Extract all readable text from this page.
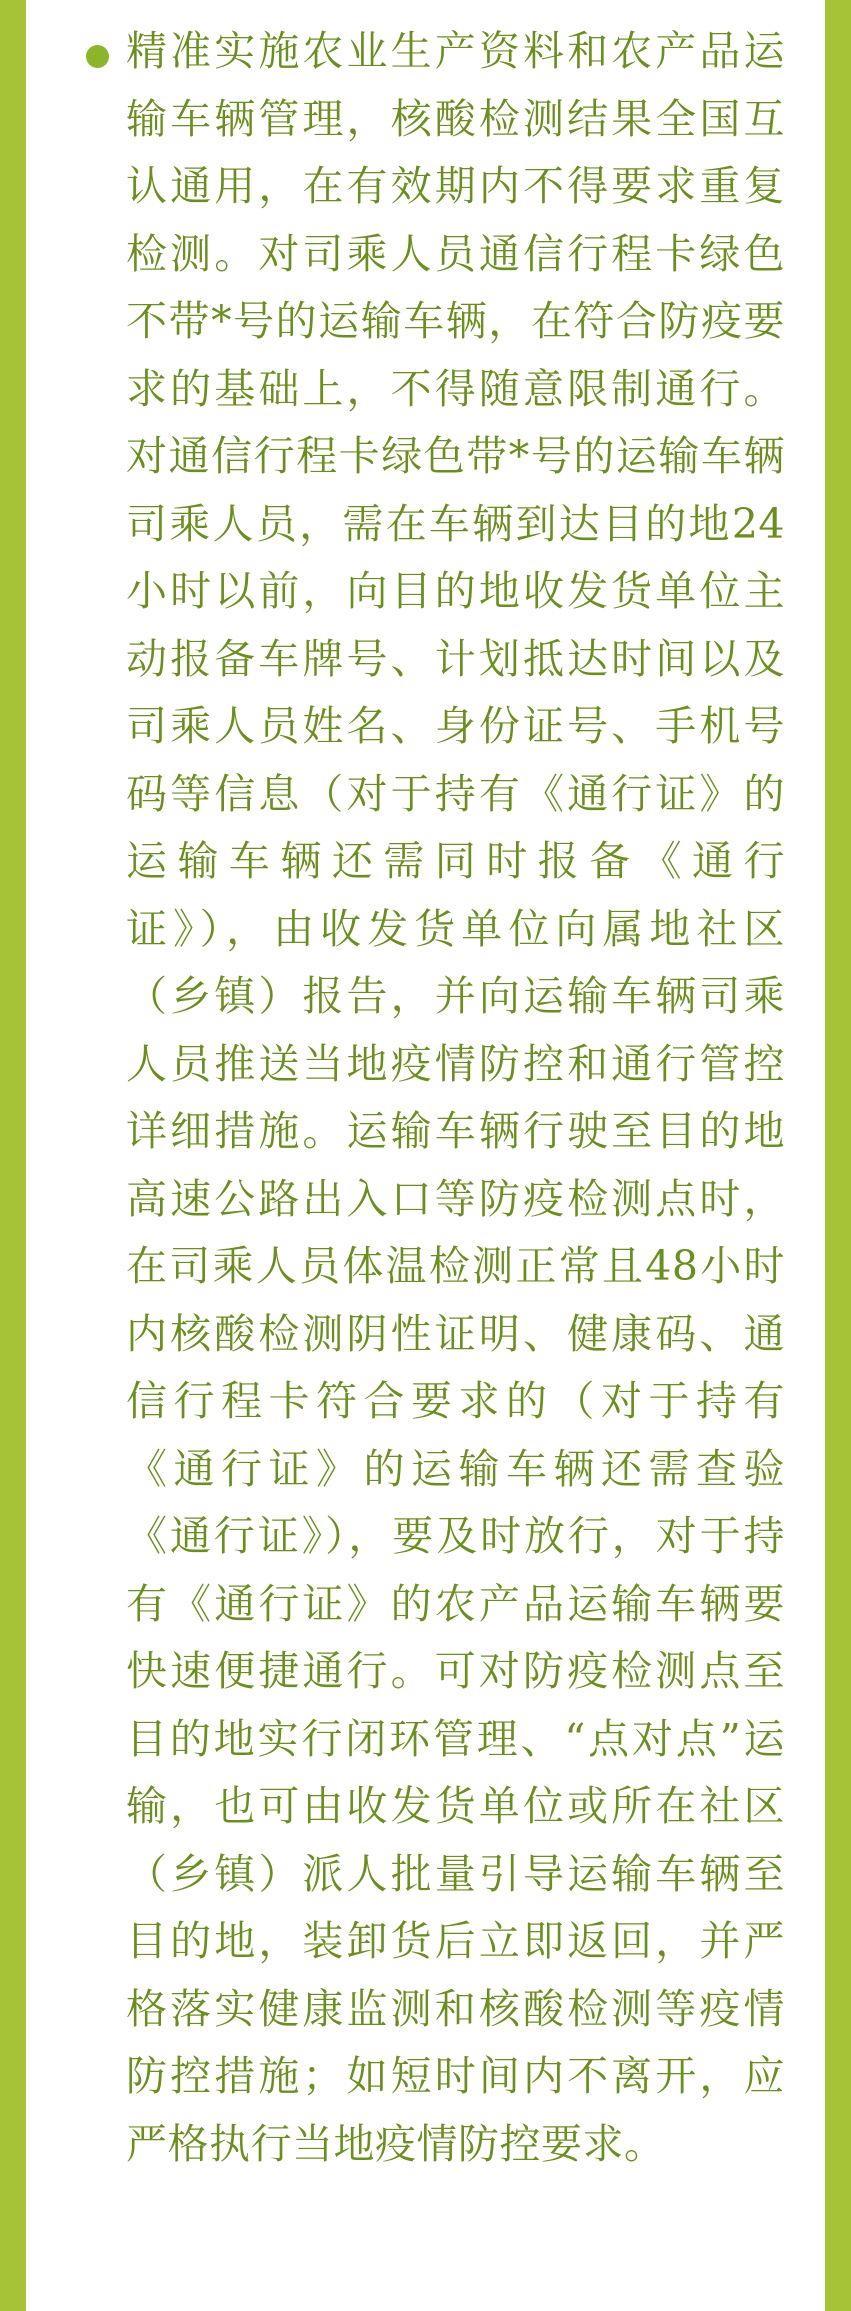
精准实施农业生产资料和农产品运输车辆管理，核酸检测结果全国互认通用，在有效期内不得要求重复检测。对司乘人员通信行程卡绿色不带*号的运输车辆，在符合防疫要求的基础上，不得随意限制通行。对通信行程卡绿色带*号的运输车辆司乘人员，需在车辆到达目的地24小时以前，向目的地收发货单位主动报备车牌号、计划抵达时间以及司乘人员姓名、身份证号、手机号码等信息（对于持有《通行证》的运输车辆还需同时报备《通行证》），由收发货单位向属地社区（乡镇）报告，并向运输车辆司乘人员推送当地疫情防控和通行管控详细措施。运输车辆行驶至目的地高速公路出入口等防疫检测点时，在司乘人员体温检测正常且48小时内核酸检测阴性证明、健康码、通信行程卡符合要求的（对于持有《通行证》的运输车辆还需查验《通行证》），要及时放行，对于持有《通行证》的农产品运输车辆要快速便捷通行。可对防疫检测点至目的地实行闭环管理、“点对点”运输，也可由收发货单位或所在社区（乡镇）派人批量引导运输车辆至目的地，装卸货后立即返回，并严格落实健康监测和核酸检测等疫情防控措施；如短时间内不离开，应严格执行当地疫情防控要求。
